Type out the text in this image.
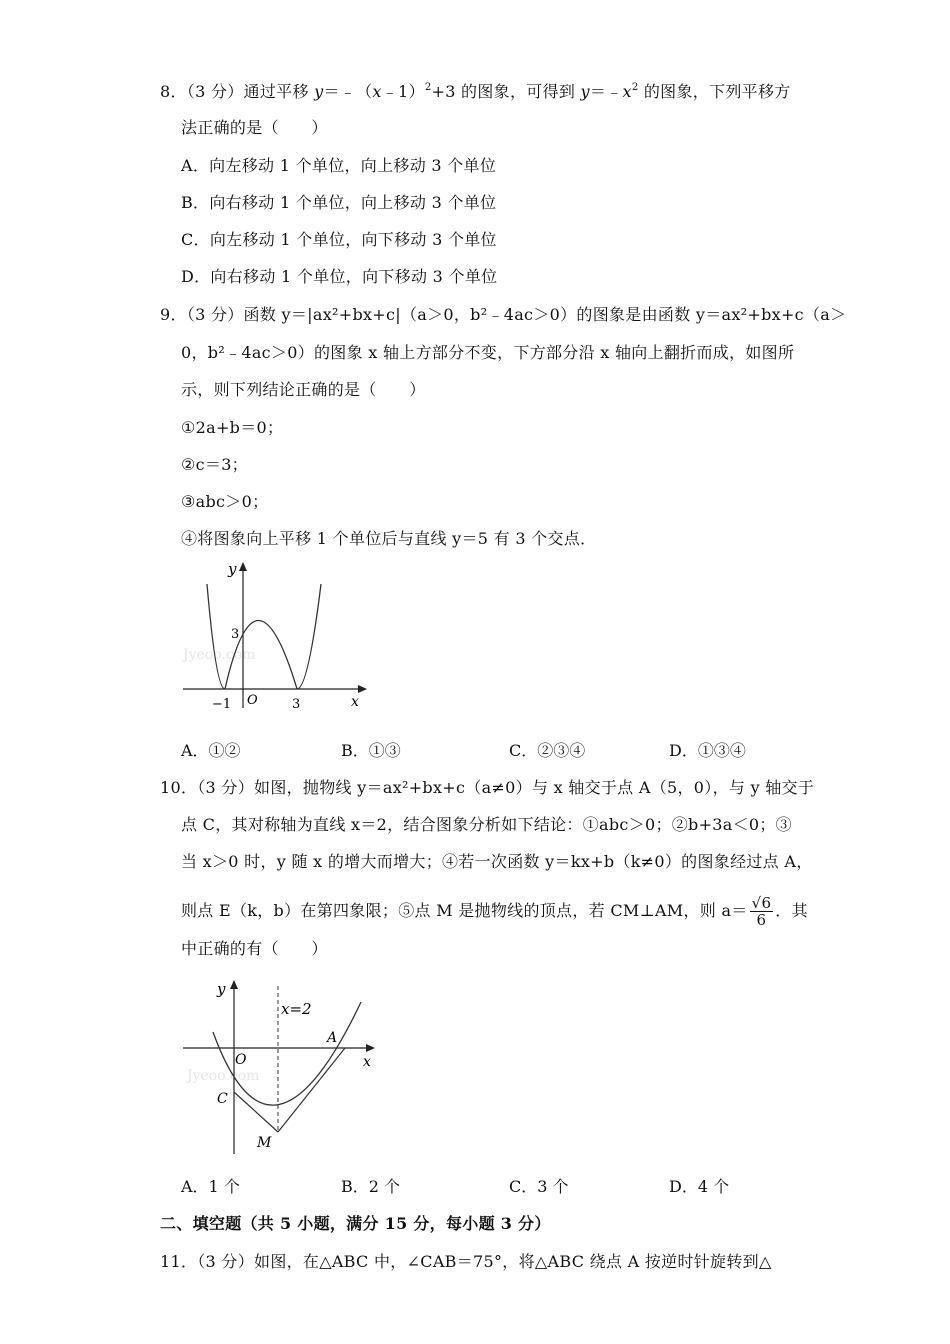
8．（3 分）通过平移 y＝﹣（x﹣1）$^2$+3 的图象，可得到 $y=﹣x^2$ 的图象，下列平移方
法正确的是（　　）
A．向左移动 1 个单位，向上移动 3 个单位
B．向右移动 1 个单位，向上移动 3 个单位
C．向左移动 1 个单位，向下移动 3 个单位
D．向右移动 1 个单位，向下移动 3 个单位
9．（3 分）函数 y＝|ax²+bx+c|（a＞0，b²﹣4ac＞0）的图象是由函数 y＝ax²+bx+c（a＞
0，b²﹣4ac＞0）的图象 x 轴上方部分不变，下方部分沿 x 轴向上翻折而成，如图所
示，则下列结论正确的是（　　）
①2a+b＝0；
②c＝3；
③abc＞0；
④将图象向上平移 1 个单位后与直线 y＝5 有 3 个交点．
Jyeoo.com
y
3
−1 O	3	x
A．①②	B．①③	C．②③④	D．①③④
10．（3 分）如图，抛物线 y＝ax²+bx+c（a≠0）与 x 轴交于点 A（5，0），与 y 轴交于
点 C，其对称轴为直线 x＝2，结合图象分析如下结论：①abc＞0；②b+3a＜0；③
当 x＞0 时，y 随 x 的增大而增大；④若一次函数 y＝kx+b（k≠0）的图象经过点 A，
则点 E（k，b）在第四象限；⑤点 M 是抛物线的顶点，若 CM⊥AM，则 $a= \frac{√6}{6}$ ．其
中正确的有（　　）
Jyeoo.com
y
x=2
A
O	x
C
M
A．1 个	B．2 个	C．3 个	D．4 个
二、填空题（共 5 小题，满分 15 分，每小题 3 分）
11．（3 分）如图，在△ABC 中，∠CAB＝75°，将△ABC 绕点 A 按逆时针旋转到△
